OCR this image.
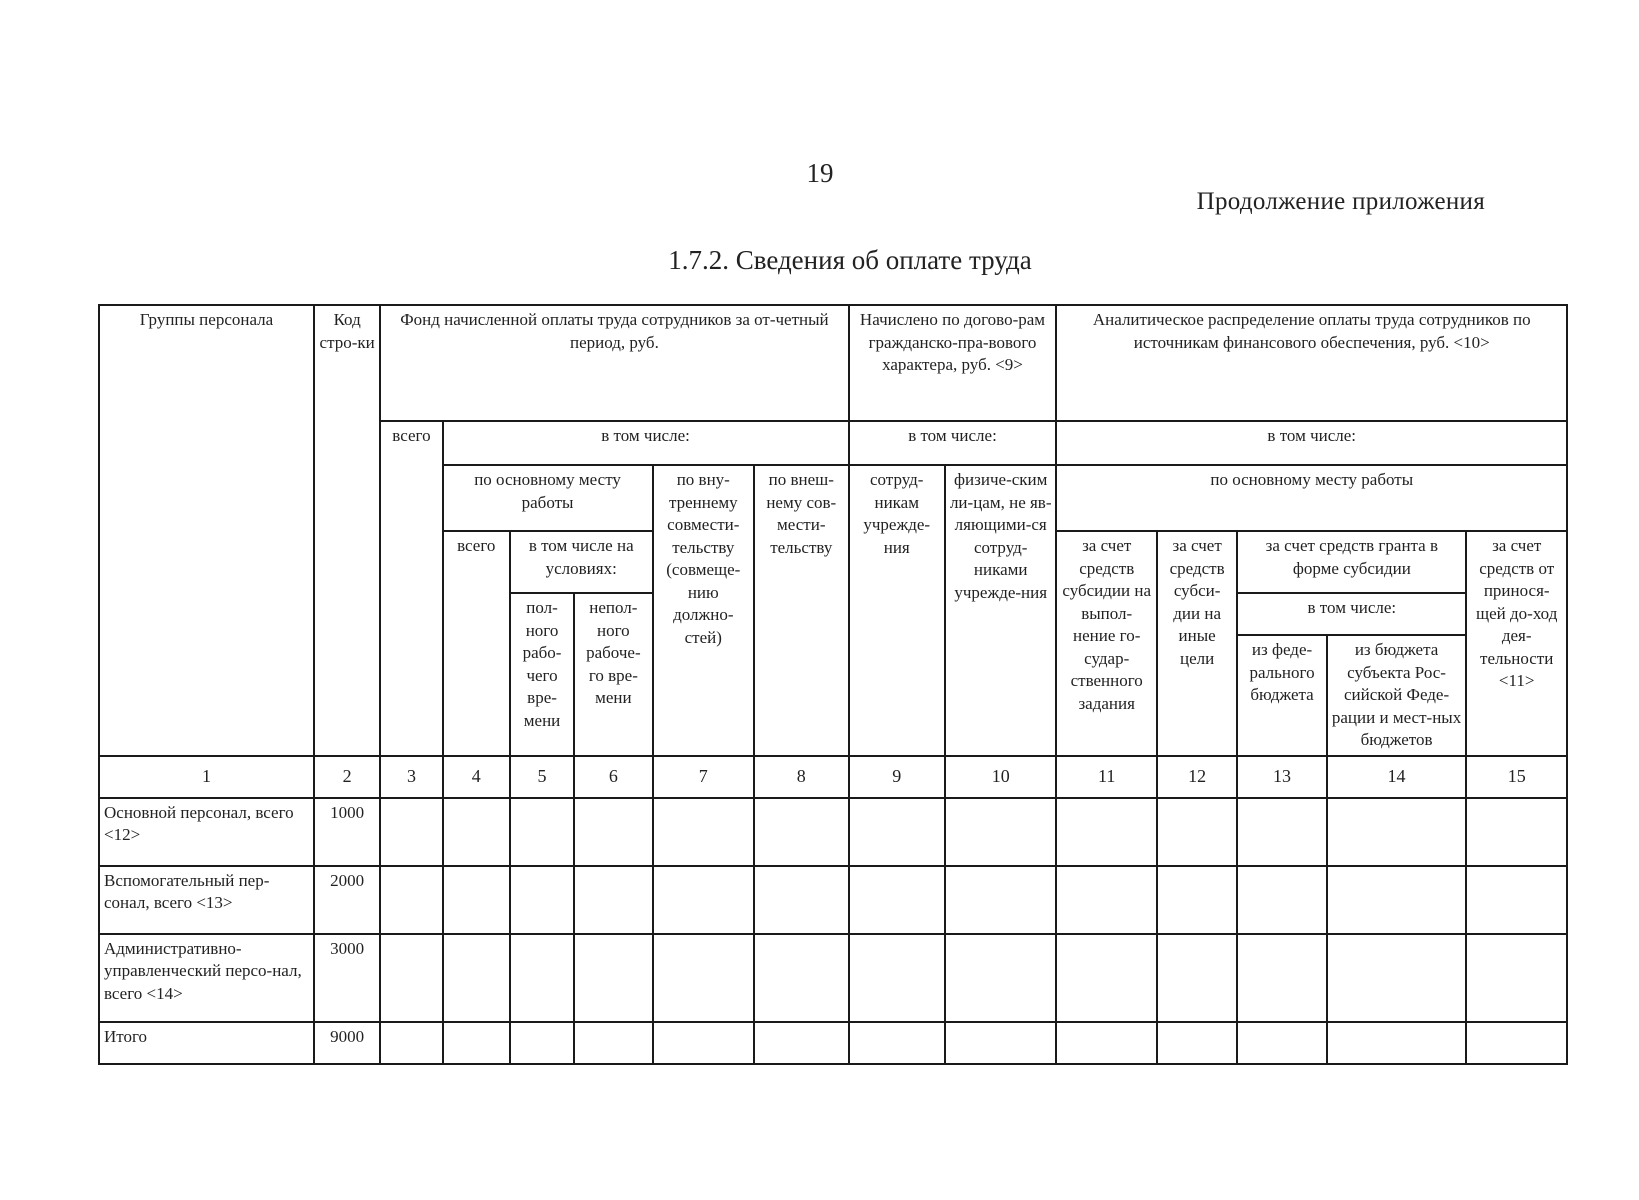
19
Продолжение приложения
1.7.2. Сведения об оплате труда
Группы персонала	Код стро-ки	Фонд начисленной оплаты труда сотрудников за от-четный период, руб.						Начислено по догово-рам гражданско-пра-вового характера, руб. <9>		Аналитическое распределение оплаты труда сотрудников по источникам финансового обеспечения, руб. <10>				
		всего	в том числе:					в том числе:		в том числе:				
			по основному месту работы			по вну-треннему совмести-тельству (совмеще-нию должно-стей)	по внеш-нему сов-мести-тельству	сотруд-никам учрежде-ния	физиче-ским ли-цам, не яв-ляющими-ся сотруд-никами учрежде-ния	по основному месту работы				
			всего	в том числе на условиях:						за счет средств субсидии на выпол-нение го-судар-ственного задания	за счет средств субси-дии на иные цели	за счет средств гранта в форме субсидии		за счет средств от принося-щей до-ход дея-тельности <11>
				пол-ного рабо-чего вре-мени	непол-ного рабоче-го вре-мени							в том числе:		
												из феде-рального бюджета	из бюджета субъекта Рос-сийской Феде-рации и мест-ных бюджетов	
1	2	3	4	5	6	7	8	9	10	11	12	13	14	15
Основной персонал, всего <12>	1000													
Вспомогательный пер-сонал, всего <13>	2000													
Административно-управленческий персо-нал, всего <14>	3000													
Итого	9000													
